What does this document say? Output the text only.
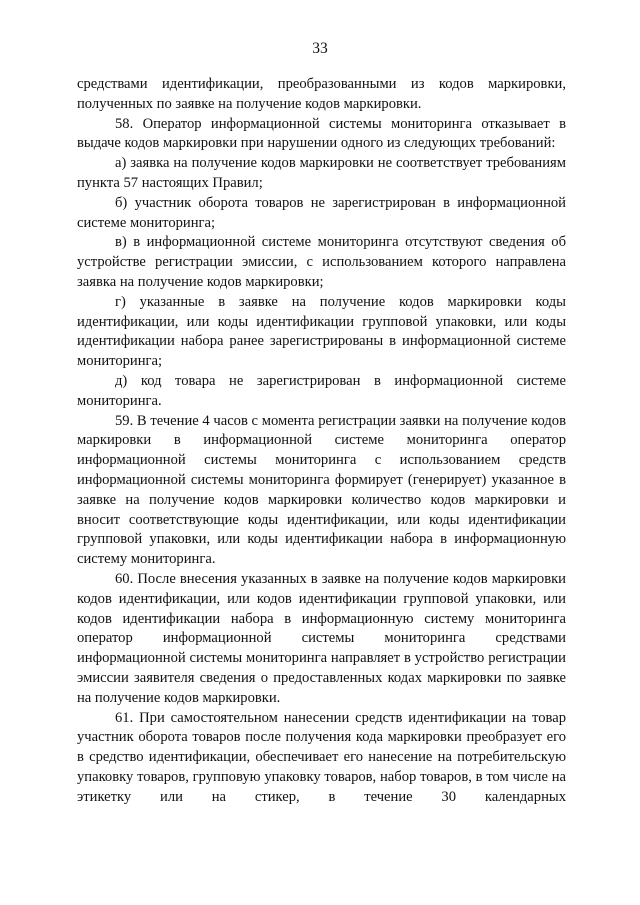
33

средствами идентификации, преобразованными из кодов маркировки, полученных по заявке на получение кодов маркировки.

58. Оператор информационной системы мониторинга отказывает в выдаче кодов маркировки при нарушении одного из следующих требований:

а) заявка на получение кодов маркировки не соответствует требованиям пункта 57 настоящих Правил;

б) участник оборота товаров не зарегистрирован в информационной системе мониторинга;

в) в информационной системе мониторинга отсутствуют сведения об устройстве регистрации эмиссии, с использованием которого направлена заявка на получение кодов маркировки;

г) указанные в заявке на получение кодов маркировки коды идентификации, или коды идентификации групповой упаковки, или коды идентификации набора ранее зарегистрированы в информационной системе мониторинга;

д) код товара не зарегистрирован в информационной системе мониторинга.

59. В течение 4 часов с момента регистрации заявки на получение кодов маркировки в информационной системе мониторинга оператор информационной системы мониторинга с использованием средств информационной системы мониторинга формирует (генерирует) указанное в заявке на получение кодов маркировки количество кодов маркировки и вносит соответствующие коды идентификации, или коды идентификации групповой упаковки, или коды идентификации набора в информационную систему мониторинга.

60. После внесения указанных в заявке на получение кодов маркировки кодов идентификации, или кодов идентификации групповой упаковки, или кодов идентификации набора в информационную систему мониторинга оператор информационной системы мониторинга средствами информационной системы мониторинга направляет в устройство регистрации эмиссии заявителя сведения о предоставленных кодах маркировки по заявке на получение кодов маркировки.

61. При самостоятельном нанесении средств идентификации на товар участник оборота товаров после получения кода маркировки преобразует его в средство идентификации, обеспечивает его нанесение на потребительскую упаковку товаров, групповую упаковку товаров, набор товаров, в том числе на этикетку или на стикер, в течение 30 календарных
